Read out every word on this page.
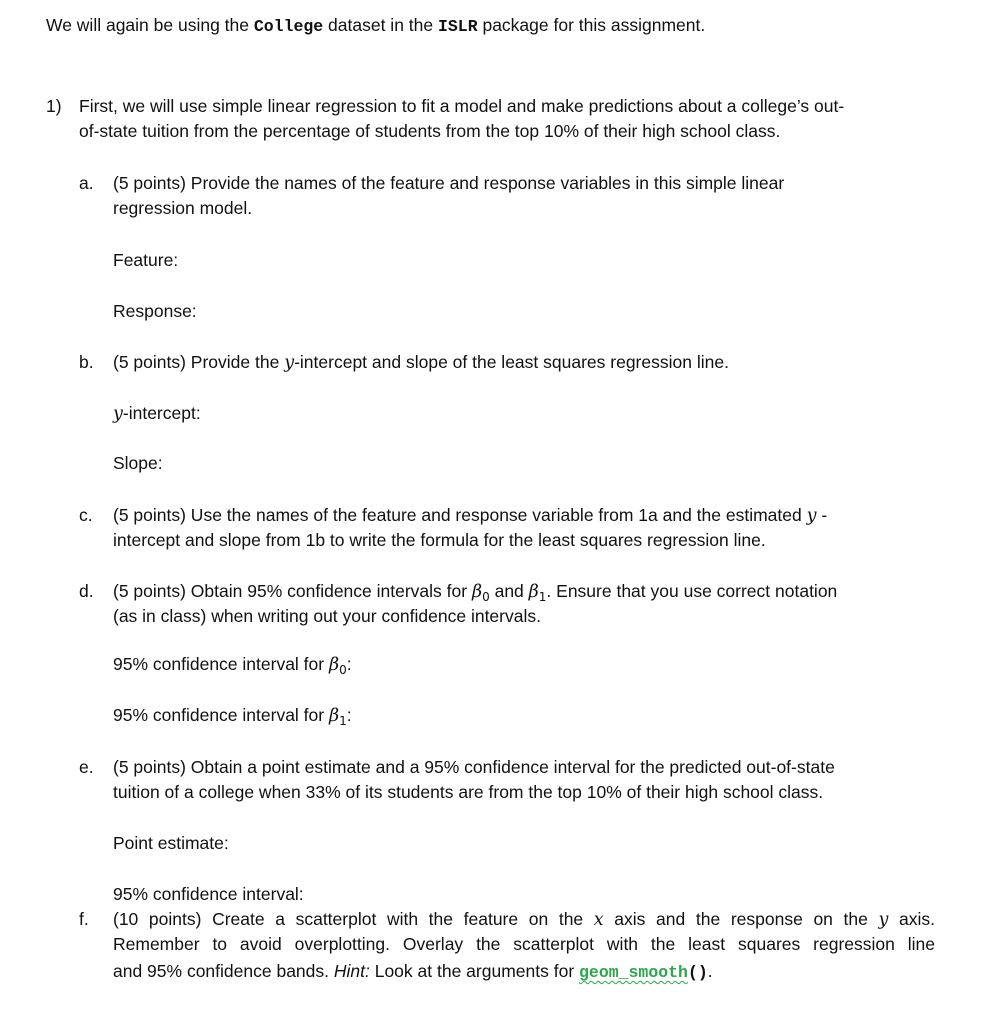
We will again be using the College dataset in the ISLR package for this assignment.
1) First, we will use simple linear regression to fit a model and make predictions about a college’s out-
of-state tuition from the percentage of students from the top 10% of their high school class.
a. (5 points) Provide the names of the feature and response variables in this simple linear
regression model.
Feature:
Response:
b. (5 points) Provide the y-intercept and slope of the least squares regression line.
y-intercept:
Slope:
c. (5 points) Use the names of the feature and response variable from 1a and the estimated y -
intercept and slope from 1b to write the formula for the least squares regression line.
d. (5 points) Obtain 95% confidence intervals for $\beta_0$ and $\beta_1$. Ensure that you use correct notation
(as in class) when writing out your confidence intervals.
95% confidence interval for $\beta_0$:
95% confidence interval for $\beta_1$:
e. (5 points) Obtain a point estimate and a 95% confidence interval for the predicted out-of-state
tuition of a college when 33% of its students are from the top 10% of their high school class.
Point estimate:
95% confidence interval:
f. (10 points) Create a scatterplot with the feature on the x axis and the response on the y axis.
Remember to avoid overplotting. Overlay the scatterplot with the least squares regression line
and 95% confidence bands. Hint: Look at the arguments for geom_smooth().
